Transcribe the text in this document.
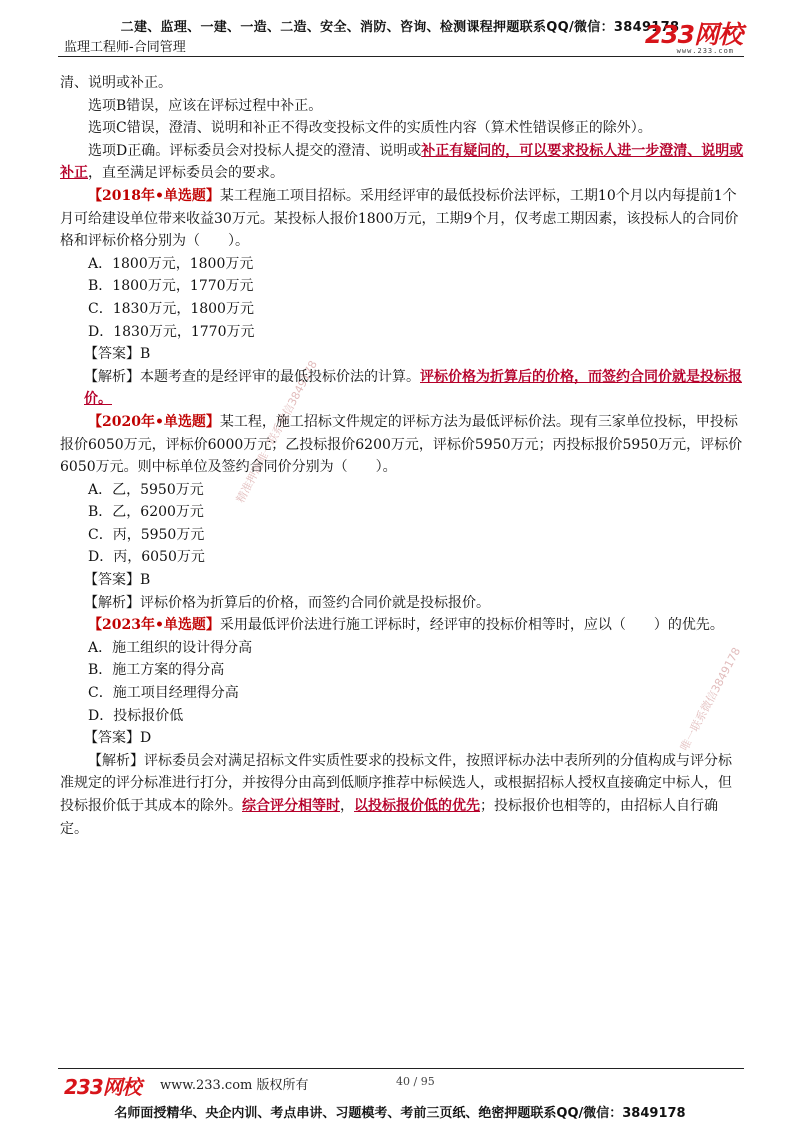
二建、监理、一建、一造、二造、安全、消防、咨询、检测课程押题联系QQ/微信：3849178
监理工程师-合同管理	233网校
www.233.com
精准押题唯一联系微信3849178
唯一联系微信3849178

清、说明或补正。

选项B错误，应该在评标过程中补正。

选项C错误，澄清、说明和补正不得改变投标文件的实质性内容（算术性错误修正的除外）。

选项D正确。评标委员会对投标人提交的澄清、说明或补正有疑问的，可以要求投标人进一步澄清、说明或补正，直至满足评标委员会的要求。

【2018年•单选题】某工程施工项目招标。采用经评审的最低投标价法评标，工期10个月以内每提前1个月可给建设单位带来收益30万元。某投标人报价1800万元，工期9个月，仅考虑工期因素，该投标人的合同价格和评标价格分别为（　　）。

A．1800万元，1800万元

B．1800万元，1770万元

C．1830万元，1800万元

D．1830万元，1770万元

【答案】B

【解析】本题考查的是经评审的最低投标价法的计算。评标价格为折算后的价格，而签约合同价就是投标报价。

【2020年•单选题】某工程，施工招标文件规定的评标方法为最低评标价法。现有三家单位投标，甲投标报价6050万元，评标价6000万元；乙投标报价6200万元，评标价5950万元；丙投标报价5950万元，评标价6050万元。则中标单位及签约合同价分别为（　　）。

A．乙，5950万元

B．乙，6200万元

C．丙，5950万元

D．丙，6050万元

【答案】B

【解析】评标价格为折算后的价格，而签约合同价就是投标报价。

【2023年•单选题】采用最低评价法进行施工评标时，经评审的投标价相等时，应以（　　）的优先。

A．施工组织的设计得分高

B．施工方案的得分高

C．施工项目经理得分高

D．投标报价低

【答案】D

【解析】评标委员会对满足招标文件实质性要求的投标文件，按照评标办法中表所列的分值构成与评分标准规定的评分标准进行打分，并按得分由高到低顺序推荐中标候选人，或根据招标人授权直接确定中标人，但投标报价低于其成本的除外。综合评分相等时，以投标报价低的优先；投标报价也相等的，由招标人自行确定。

233网校 www.233.com 版权所有	40 / 95
名师面授精华、央企内训、考点串讲、习题模考、考前三页纸、绝密押题联系QQ/微信：3849178
